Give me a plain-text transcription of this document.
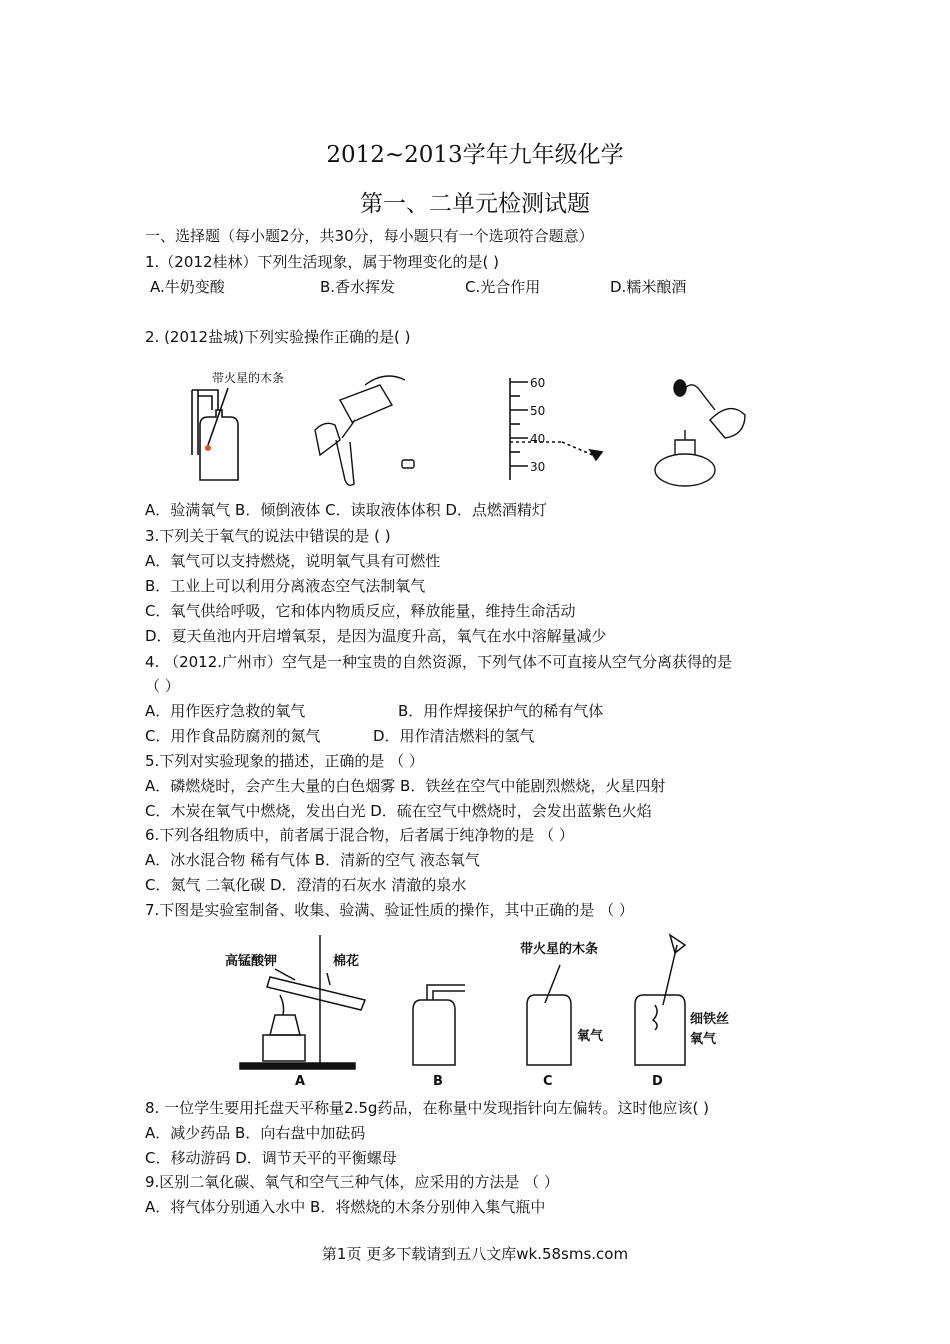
2012~2013学年九年级化学
第一、二单元检测试题
一、选择题（每小题2分，共30分，每小题只有一个选项符合题意）
1.（2012桂林）下列生活现象，属于物理变化的是( )
A.牛奶变酸	B.香水挥发	C.光合作用	D.糯米酿酒
2. (2012盐城)下列实验操作正确的是( )
带火星的木条	60
50
40
30
A．验满氧气 B．倾倒液体 C．读取液体体积 D．点燃酒精灯
3.下列关于氧气的说法中错误的是 ( )
A．氧气可以支持燃烧，说明氧气具有可燃性
B．工业上可以利用分离液态空气法制氧气
C．氧气供给呼吸，它和体内物质反应，释放能量，维持生命活动
D．夏天鱼池内开启增氧泵，是因为温度升高，氧气在水中溶解量减少
4. （2012.广州市）空气是一种宝贵的自然资源，下列气体不可直接从空气分离获得的是
（ ）
A．用作医疗急救的氧气	B．用作焊接保护气的稀有气体
C．用作食品防腐剂的氮气	D．用作清洁燃料的氢气
5.下列对实验现象的描述，正确的是 （ ）
A．磷燃烧时，会产生大量的白色烟雾 B．铁丝在空气中能剧烈燃烧，火星四射
C．木炭在氧气中燃烧，发出白光 D．硫在空气中燃烧时，会发出蓝紫色火焰
6.下列各组物质中，前者属于混合物，后者属于纯净物的是 （ ）
A．冰水混合物 稀有气体 B．清新的空气 液态氧气
C．氮气 二氧化碳 D．澄清的石灰水 清澈的泉水
7.下图是实验室制备、收集、验满、验证性质的操作，其中正确的是 （ ）
高锰酸钾	棉花
A	B
带火星的木条
氧气
C
细铁丝
氧气
D
8. 一位学生要用托盘天平称量2.5g药品，在称量中发现指针向左偏转。这时他应该( )
A．减少药品 B．向右盘中加砝码
C．移动游码 D．调节天平的平衡螺母
9.区别二氧化碳、氧气和空气三种气体，应采用的方法是 （ ）
A．将气体分别通入水中 B．将燃烧的木条分别伸入集气瓶中
第1页 更多下载请到五八文库wk.58sms.com
